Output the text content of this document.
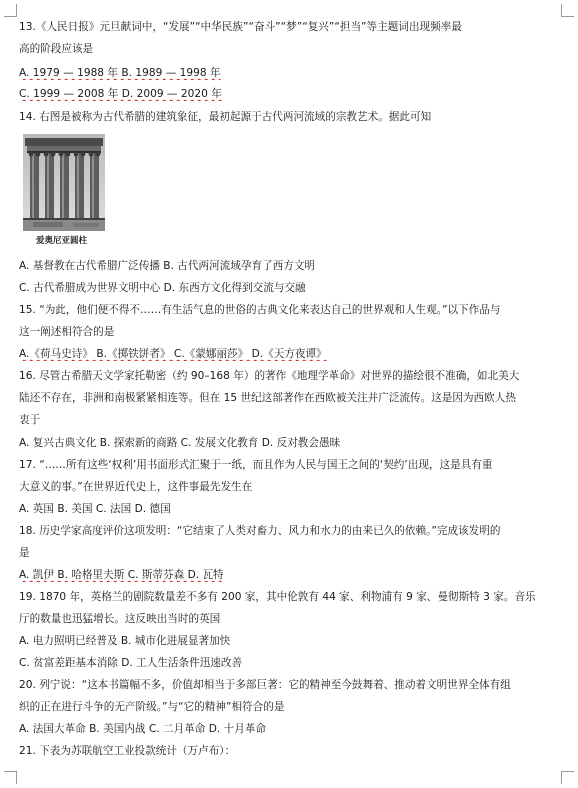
13.《人民日报》元旦献词中，“发展”“中华民族”“奋斗”“梦”“复兴”“担当”等主题词出现频率最
高的阶段应该是
A. 1979 — 1988 年 B. 1989 — 1998 年
C. 1999 — 2008 年 D. 2009 — 2020 年
14. 右图是被称为古代希腊的建筑象征，最初起源于古代两河流域的宗教艺术。据此可知
爱奥尼亚圆柱
A. 基督教在古代希腊广泛传播 B. 古代两河流域孕育了西方文明
C. 古代希腊成为世界文明中心 D. 东西方文化得到交流与交融
15. “为此，他们便不得不……有生活气息的世俗的古典文化来表达自己的世界观和人生观。”以下作品与
这一阐述相符合的是
A.《荷马史诗》 B.《掷铁饼者》 C.《蒙娜丽莎》 D.《天方夜谭》
16. 尽管古希腊天文学家托勒密（约 90–168 年）的著作《地理学革命》对世界的描绘很不准确，如北美大
陆还不存在，非洲和南极紧紧相连等。但在 15 世纪这部著作在西欧被关注并广泛流传。这是因为西欧人热
衷于
A. 复兴古典文化 B. 探索新的商路 C. 发展文化教育 D. 反对教会愚昧
17. “……所有这些‘权利’用书面形式汇聚于一纸，而且作为人民与国王之间的‘契约’出现，这是具有重
大意义的事。”在世界近代史上，这件事最先发生在
A. 英国 B. 美国 C. 法国 D. 德国
18. 历史学家高度评价这项发明：“它结束了人类对畜力、风力和水力的由来已久的依赖。”完成该发明的
是
A. 凯伊 B. 哈格里夫斯 C. 斯蒂芬森 D. 瓦特
19. 1870 年，英格兰的剧院数量差不多有 200 家，其中伦敦有 44 家、利物浦有 9 家、曼彻斯特 3 家。音乐
厅的数量也迅猛增长。这反映出当时的英国
A. 电力照明已经普及 B. 城市化进展显著加快
C. 贫富差距基本消除 D. 工人生活条件迅速改善
20. 列宁说：“这本书篇幅不多，价值却相当于多部巨著：它的精神至今鼓舞着、推动着文明世界全体有组
织的正在进行斗争的无产阶级。”与“它的精神”相符合的是
A. 法国大革命 B. 美国内战 C. 二月革命 D. 十月革命
21. 下表为苏联航空工业投款统计（万卢布）：
